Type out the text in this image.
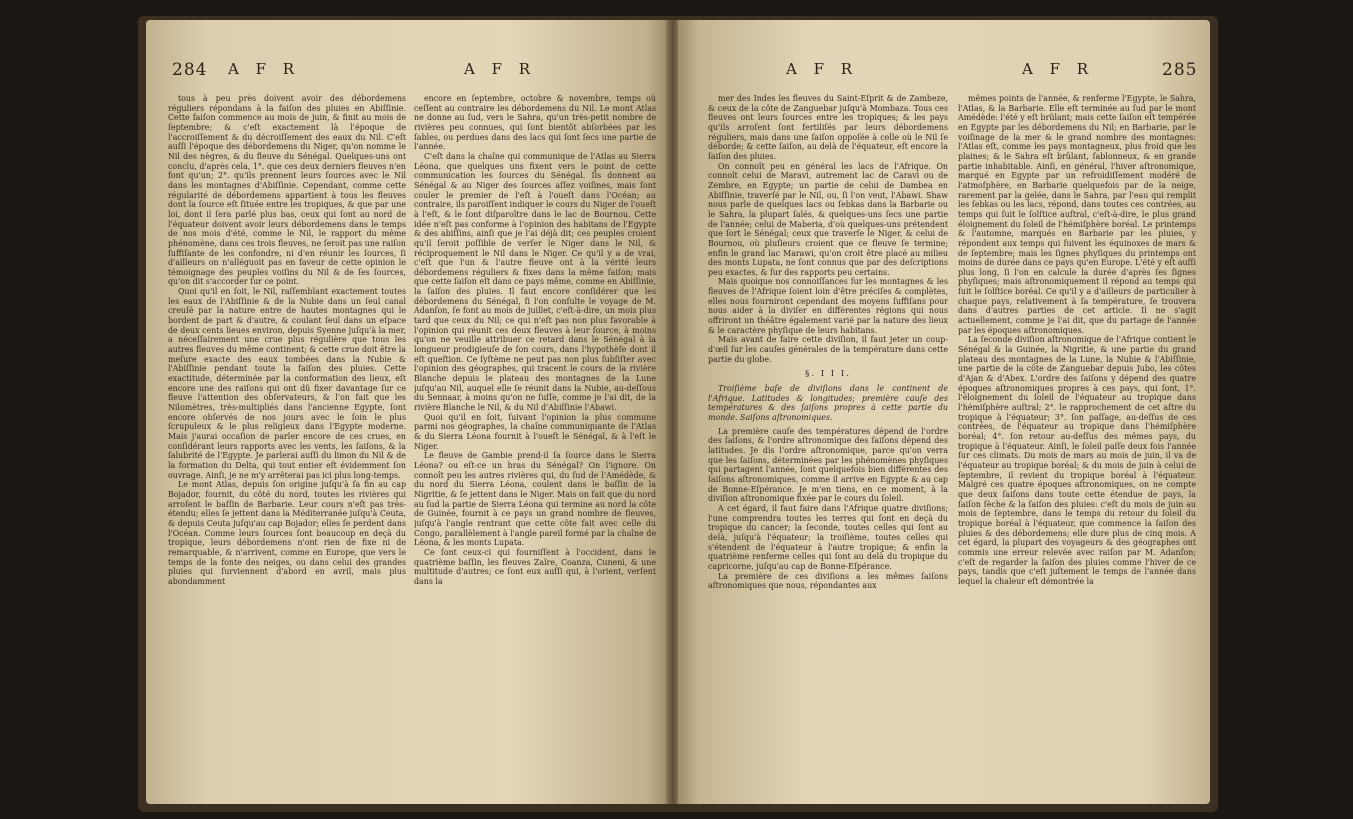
284 A F R	A F R

tous à peu près doivent avoir des débordemens réguliers répondans à la faiſon des pluies en Abiſſinie. Cette faiſon commence au mois de juin, & finit au mois de ſeptembre; & c'eſt exactement là l'époque de l'accroiſſement & du décroiſſement des eaux du Nil. C'eſt auſſi l'époque des débordemens du Niger, qu'on nomme le Nil des nègres, & du fleuve du Sénégal. Quelques-uns ont conclu, d'après cela, 1°. que ces deux derniers fleuves n'en font qu'un; 2°. qu'ils prennent leurs ſources avec le Nil dans les montagnes d'Abiſſinie. Cependant, comme cette régularité de débordemens appartient à tous les fleuves dont la ſource eſt ſituée entre les tropiques, & que par une loi, dont il ſera parlé plus bas, ceux qui ſont au nord de l'équateur doivent avoir leurs débordemens dans le temps de nos mois d'été, comme le Nil, le rapport du même phénomène, dans ces trois fleuves, ne ſeroit pas une raiſon ſuffiſante de les confondre, ni d'en réunir les ſources, ſi d'ailleurs on n'alléguoit pas en faveur de cette opinion le témoignage des peuples voiſins du Nil & de ſes ſources, qu'on dit s'accorder ſur ce point.

Quoi qu'il en ſoit, le Nil, raſſemblant exactement toutes les eaux de l'Abiſſinie & de la Nubie dans un ſeul canal creuſé par la nature entre de hautes montagnes qui le bordent de part & d'autre, & coulant ſeul dans un eſpace de deux cents lieues environ, depuis Syenne juſqu'à la mer, a néceſſairement une crue plus régulière que tous les autres fleuves du même continent; & cette crue doit être la meſure exacte des eaux tombées dans la Nubie & l'Abiſſinie pendant toute la faiſon des pluies. Cette exactitude, déterminée par la conformation des lieux, eſt encore une des raiſons qui ont dû fixer davantage ſur ce fleuve l'attention des obſervateurs, & l'on fait que les Nilomètres, très-multipliés dans l'ancienne Egypte, ſont encore obſervés de nos jours avec le ſoin le plus ſcrupuleux & le plus religieux dans l'Egypte moderne. Mais j'aurai occaſion de parler encore de ces crues, en conſidérant leurs rapports avec les vents, les ſaiſons, & la ſalubrité de l'Egypte. Je parlerai auſſi du limon du Nil & de la formation du Delta, qui tout entier eſt évidemment ſon ouvrage. Ainſi, je ne m'y arrêterai pas ici plus long-temps.

Le mont Atlas, depuis ſon origine juſqu'à ſa fin au cap Bojador, fournit, du côté du nord, toutes les rivières qui arroſent le baſſin de Barbarie. Leur cours n'eſt pas très-étendu; elles ſe jettent dans la Méditerranée juſqu'à Ceuta, & depuis Ceuta juſqu'au cap Bojador; elles ſe perdent dans l'Océan. Comme leurs ſources ſont beaucoup en deçà du tropique, leurs débordemens n'ont rien de fixe ni de remarquable, & n'arrivent, comme en Europe, que vers le temps de la fonte des neiges, ou dans celui des grandes pluies qui ſurviennent d'abord en avril, mais plus abondamment

encore en ſeptembre, octobre & novembre, temps où ceſſent au contraire les débordemens du Nil. Le mont Atlas ne donne au ſud, vers le Sahra, qu'un très-petit nombre de rivières peu connues, qui ſont bientôt abſorbées par les ſables, ou perdues dans des lacs qui ſont ſecs une partie de l'année.

C'eſt dans la chaîne qui communique de l'Atlas au Sierra Léona, que quelques uns fixent vers le point de cette communication les ſources du Sénégal. Ils donnent au Sénégal & au Niger des ſources aſſez voiſines, mais ſont couler le premier de l'eſt à l'oueſt dans l'Océan; au contraire, ils paroiſſent indiquer le cours du Niger de l'oueſt à l'eſt, & le ſont diſparoître dans le lac de Bournou. Cette idée n'eſt pas conforme à l'opinion des habitans de l'Egypte & des abiſſins, ainſi que je l'ai déjà dit; ces peuples croient qu'il ſeroit poſſible de verſer le Niger dans le Nil, & réciproquement le Nil dans le Niger. Ce qu'il y a de vrai, c'eſt que l'un & l'autre fleuve ont à la vérité leurs débordemens réguliers & fixes dans la même ſaiſon; mais que cette ſaiſon eſt dans ce pays même, comme en Abiſſinie, la ſaiſon des pluies. Il faut encore conſidérer que les débordemens du Sénégal, ſi l'on conſulte le voyage de M. Adanſon, ſe font au mois de juillet, c'eſt-à-dire, un mois plus tard que ceux du Nil; ce qui n'eſt pas non plus favorable à l'opinion qui réunit ces deux fleuves à leur ſource, à moins qu'on ne veuille attribuer ce retard dans le Sénégal à la longueur prodigieuſe de ſon cours, dans l'hypothèſe dont il eſt queſtion. Ce ſyſtème ne peut pas non plus ſubſiſter avec l'opinion des géographes, qui tracent le cours de la rivière Blanche depuis le plateau des montagnes de la Lune juſqu'au Nil, auquel elle ſe réunit dans la Nubie, au-deſſous du Sennaar, à moins qu'on ne ſuſſe, comme je l'ai dit, de la rivière Blanche le Nil, & du Nil d'Abiſſinie l'Abawi.

Quoi qu'il en ſoit, ſuivant l'opinion la plus commune parmi nos géographes, la chaîne communiquante de l'Atlas & du Sierra Léona fournit à l'oueſt le Sénégal, & à l'eſt le Niger.

Le fleuve de Gambie prend-il ſa ſource dans le Sierra Léona? ou eſt-ce un bras du Sénégal? On l'ignore. On connoît peu les autres rivières qui, du ſud de l'Amédède, & du nord du Sierra Léona, coulent dans le baſſin de la Nigritie, & ſe jettent dans le Niger. Mais on fait que du nord au ſud la partie de Sierra Léona qui termine au nord la côte de Guinée, fournit à ce pays un grand nombre de fleuves, juſqu'à l'angle rentrant que cette côte fait avec celle du Congo, parallèlement à l'angle pareil formé par la chaîne de Léona, & les monts Lupata.

Ce ſont ceux-ci qui fourniſſent à l'occident, dans le quatrième baſſin, les fleuves Zaïre, Coanza, Cuneni, & une multitude d'autres; ce ſont eux auſſi qui, à l'orient, verſent dans la

A F R	A F R	285

mer des Indes les fleuves du Saint-Eſprit & de Zambeze, & ceux de la côte de Zanguebar juſqu'à Mombaza. Tous ces fleuves ont leurs ſources entre les tropiques; & les pays qu'ils arroſent ſont fertiliſés par leurs débordemens réguliers, mais dans une ſaiſon oppoſée à celle où le Nil ſe déborde; & cette ſaiſon, au delà de l'équateur, eſt encore la ſaiſon des pluies.

On connoît peu en général les lacs de l'Afrique. On connoît celui de Maravi, autrement lac de Caravi ou de Zembre, en Egypte; un partie de celui de Dambea en Abiſſinie, traverſé par le Nil, ou, ſi l'on veut, l'Abawi. Shaw nous parle de quelques lacs ou ſebkas dans la Barbarie ou le Sahra, la plupart ſalés, & quelques-uns ſecs une partie de l'année; celui de Maberia, d'où quelques-uns prétendent que ſort le Sénégal; ceux que traverſe le Niger, & celui de Bournou, où pluſieurs croient que ce fleuve ſe termine; enfin le grand lac Marawi, qu'on croit être placé au milieu des monts Lupata, ne ſont connus que par des deſcriptions peu exactes, & ſur des rapports peu certains.

Mais quoique nos connoiſſances ſur les montagnes & les fleuves de l'Afrique ſoient loin d'être préciſes & complètes, elles nous fourniront cependant des moyens ſuffiſans pour nous aider à la diviſer en différentes régions qui nous offriront un théâtre également varié par la nature des lieux & le caractère phyſique de leurs habitans.

Mais avant de faire cette diviſion, il faut jeter un coup-d'œil ſur les cauſes générales de la température dans cette partie du globe.

§. I I I.

Troiſième baſe de diviſions dans le continent de l'Afrique. Latitudes & longitudes; première cauſe des températures & des ſaiſons propres à cette partie du monde. Saiſons aſtronomiques.

La première cauſe des températures dépend de l'ordre des ſaiſons, & l'ordre aſtronomique des ſaiſons dépend des latitudes. Je dis l'ordre aſtronomique, parce qu'on verra que les ſaiſons, déterminées par les phénomènes phyſiques qui partagent l'année, ſont quelquefois bien différentes des ſaiſons aſtronomiques, comme il arrive en Egypte & au cap de Bonne-Eſpérance. Je m'en tiens, en ce moment, à la diviſion aſtronomique fixée par le cours du ſoleil.

A cet égard, il faut faire dans l'Afrique quatre diviſions; l'une comprendra toutes les terres qui ſont en deçà du tropique du cancer; la ſeconde, toutes celles qui ſont au delà, juſqu'à l'équateur; la troiſième, toutes celles qui s'étendent de l'équateur à l'autre tropique; & enfin la quatrième renferme celles qui ſont au delà du tropique du capricorne, juſqu'au cap de Bonne-Eſpérance.

La première de ces diviſions a les mêmes ſaiſons aſtronomiques que nous, répondantes aux

mêmes points de l'année, & renferme l'Egypte, le Sahra, l'Atlas, & la Barbarie. Elle eſt terminée au ſud par le mont Amédède: l'été y eſt brûlant; mais cette ſaiſon eſt tempérée en Egypte par les débordemens du Nil; en Barbarie, par le voiſinage de la mer & le grand nombre des montagnes: l'Atlas eſt, comme les pays montagneux, plus froid que les plaines; & le Sahra eſt brûlant, ſablonneux, & en grande partie inhabitable. Ainſi, en général, l'hiver aſtronomique, marqué en Egypte par un refroidiſſement modéré de l'atmoſphère, en Barbarie quelquefois par de la neige, rarement par la gelée, dans le Sahra, par l'eau qui remplit les ſebkas ou les lacs, répond, dans toutes ces contrées, au temps qui ſuit le ſolſtice auſtral, c'eſt-à-dire, le plus grand éloignement du ſoleil de l'hémiſphère boréal. Le printemps & l'automne, marqués en Barbarie par les pluies, y répondent aux temps qui ſuivent les équinoxes de mars & de ſeptembre; mais les ſignes phyſiques du printemps ont moins de durée dans ce pays qu'en Europe. L'été y eſt auſſi plus long, ſi l'on en calcule la durée d'après ſes ſignes phyſiques; mais aſtronomiquement il répond au temps qui ſuit le ſolſtice boréal. Ce qu'il y a d'ailleurs de particulier à chaque pays, relativement à ſa température, ſe trouvera dans d'autres parties de cet article. Il ne s'agit actuellement, comme je l'ai dit, que du partage de l'année par les époques aſtronomiques.

La ſeconde diviſion aſtronomique de l'Afrique contient le Sénégal & la Guinée, la Nigritie, & une partie du grand plateau des montagnes de la Lune, la Nubie & l'Abiſſinie, une partie de la côte de Zanguebar depuis Jubo, les côtes d'Ajan & d'Abex. L'ordre des ſaiſons y dépend des quatre époques aſtronomiques propres à ces pays, qui ſont, 1°. l'éloignement du ſoleil de l'équateur au tropique dans l'hémiſphère auſtral; 2°. le rapprochement de cet aſtre du tropique à l'équateur; 3°. ſon paſſage, au-deſſus de ces contrées, de l'équateur au tropique dans l'hémiſphère boréal; 4°. ſon retour au-deſſus des mêmes pays, du tropique à l'équateur. Ainſi, le ſoleil paſſe deux fois l'année ſur ces climats. Du mois de mars au mois de juin, il va de l'équateur au tropique boréal; & du mois de juin à celui de ſeptembre, il revient du tropique boréal à l'équateur. Malgré ces quatre époques aſtronomiques, on ne compte que deux ſaiſons dans toute cette étendue de pays, la ſaiſon ſèche & la ſaiſon des pluies: c'eſt du mois de juin au mois de ſeptembre, dans le temps du retour du ſoleil du tropique boréal à l'équateur, que commence la ſaiſon des pluies & des débordemens; elle dure plus de cinq mois. A cet égard, la plupart des voyageurs & des géographes ont commis une erreur relevée avec raiſon par M. Adanſon; c'eſt de regarder la ſaiſon des pluies comme l'hiver de ce pays, tandis que c'eſt juſtement le temps de l'année dans lequel la chaleur eſt démontrée la
